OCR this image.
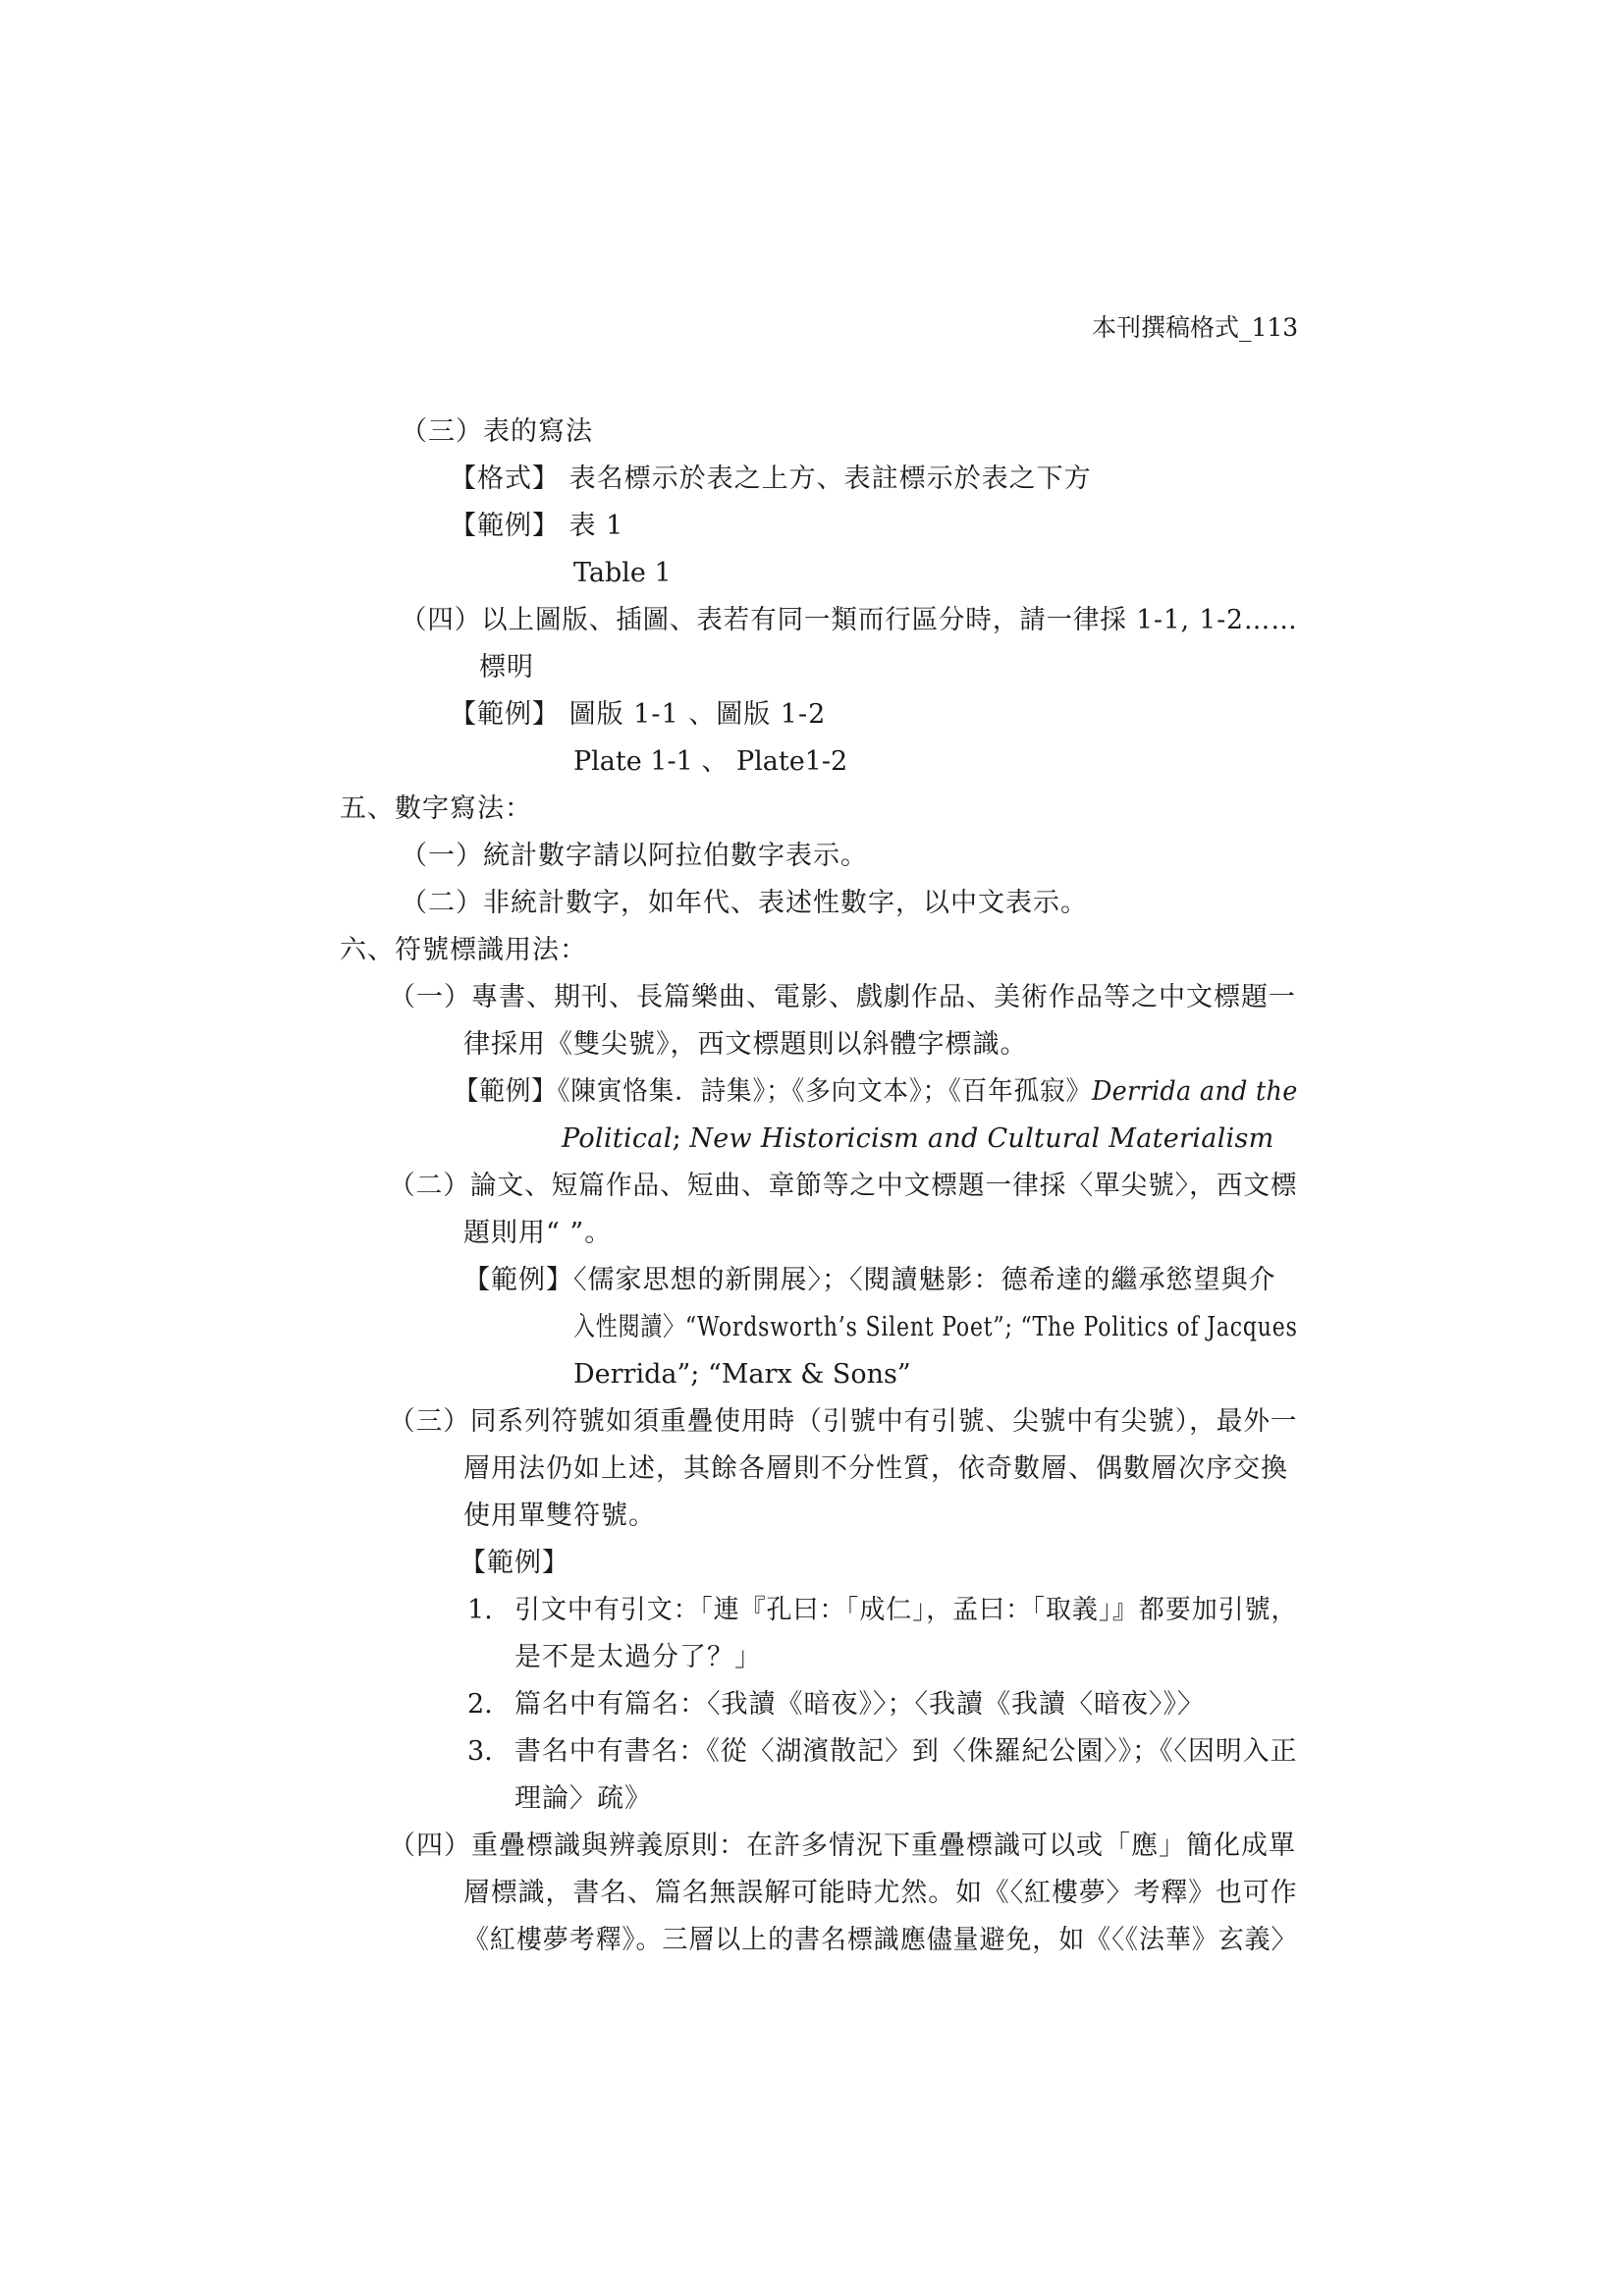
本刊撰稿格式_113
（三）表的寫法
【格式】 表名標示於表之上方、表註標示於表之下方
【範例】 表 1
Table 1
（四）以上圖版、插圖、表若有同一類而行區分時，請一律採 1-1, 1-2……
標明
【範例】 圖版 1-1 、圖版 1-2
Plate 1-1 、 Plate1-2
五、數字寫法：
（一）統計數字請以阿拉伯數字表示。
（二）非統計數字，如年代、表述性數字，以中文表示。
六、符號標識用法：
（一）專書、期刊、長篇樂曲、電影、戲劇作品、美術作品等之中文標題一
律採用《雙尖號》，西文標題則以斜體字標識。
【範例】《陳寅恪集．詩集》；《多向文本》；《百年孤寂》Derrida and the
Political; New Historicism and Cultural Materialism
（二）論文、短篇作品、短曲、章節等之中文標題一律採〈單尖號〉，西文標
題則用“ ”。
【範例】〈儒家思想的新開展〉；〈閱讀魅影：德希達的繼承慾望與介
入性閱讀〉“Wordsworth’s Silent Poet”; “The Politics of Jacques
Derrida”; “Marx & Sons”
（三）同系列符號如須重疊使用時（引號中有引號、尖號中有尖號），最外一
層用法仍如上述，其餘各層則不分性質，依奇數層、偶數層次序交換
使用單雙符號。
【範例】
1. 引文中有引文：「連『孔曰：「成仁」，孟曰：「取義」』都要加引號，
是不是太過分了？」
2. 篇名中有篇名：〈我讀《暗夜》〉；〈我讀《我讀〈暗夜〉》〉
3. 書名中有書名：《從〈湖濱散記〉到〈侏羅紀公園〉》；《〈因明入正
理論〉疏》
（四）重疊標識與辨義原則：在許多情況下重疊標識可以或「應」簡化成單
層標識，書名、篇名無誤解可能時尤然。如《〈紅樓夢〉考釋》也可作
《紅樓夢考釋》。三層以上的書名標識應儘量避免，如《〈《法華》玄義〉
